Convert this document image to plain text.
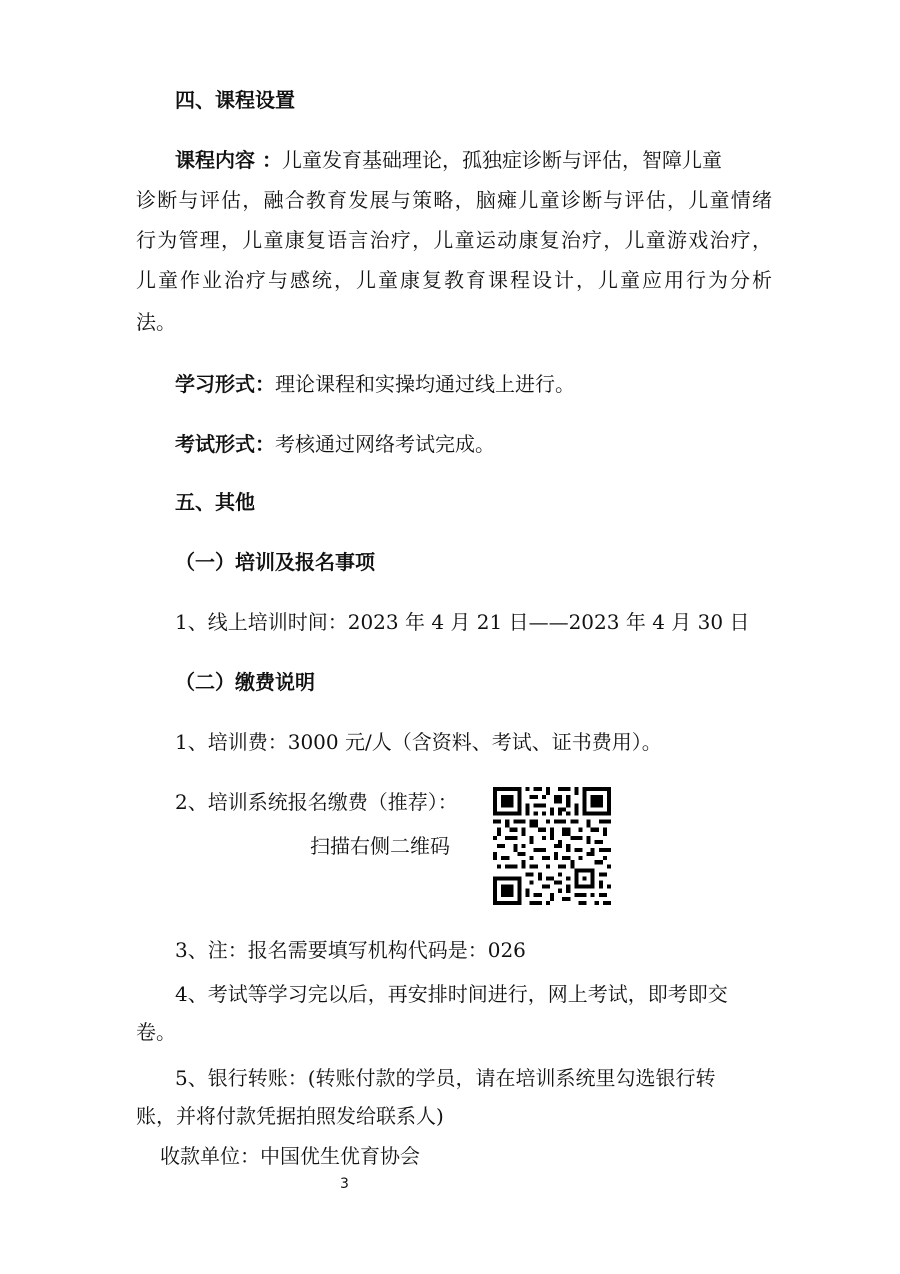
四、课程设置
课程内容 ：儿童发育基础理论，孤独症诊断与评估，智障儿童
诊断与评估，融合教育发展与策略，脑瘫儿童诊断与评估，儿童情绪
行为管理，儿童康复语言治疗，儿童运动康复治疗，儿童游戏治疗，
儿童作业治疗与感统，儿童康复教育课程设计，儿童应用行为分析
法。
学习形式：理论课程和实操均通过线上进行。
考试形式：考核通过网络考试完成。
五、其他
（一）培训及报名事项
1、线上培训时间：2023 年 4 月 21 日——2023 年 4 月 30 日
（二）缴费说明
1、培训费：3000 元/人（含资料、考试、证书费用）。
2、培训系统报名缴费（推荐）：
扫描右侧二维码
3、注：报名需要填写机构代码是：026
4、考试等学习完以后，再安排时间进行，网上考试，即考即交
卷。
5、银行转账：(转账付款的学员，请在培训系统里勾选银行转
账，并将付款凭据拍照发给联系人)
收款单位：中国优生优育协会
3
